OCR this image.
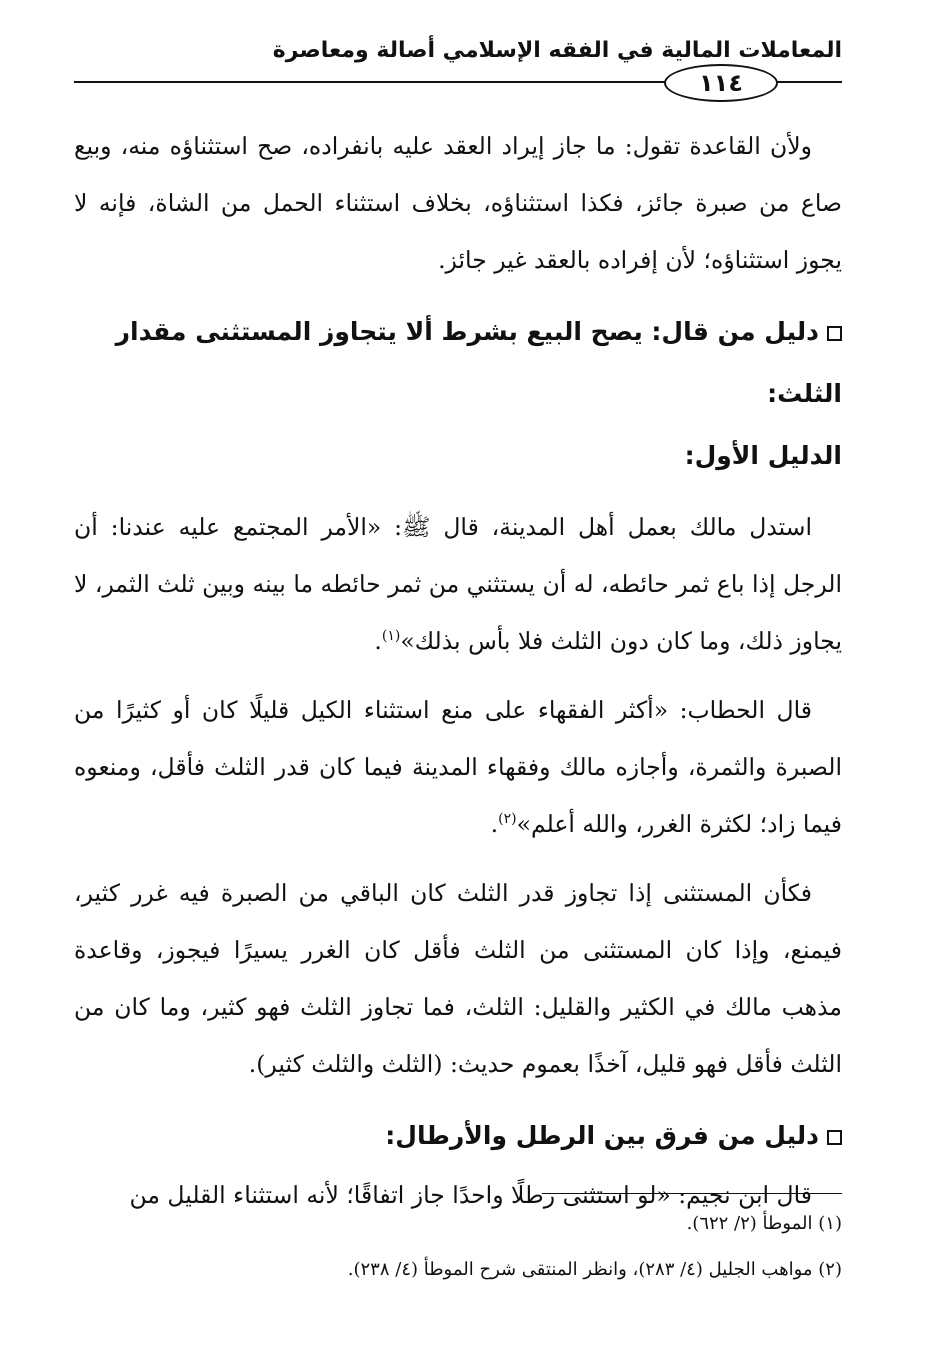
المعاملات المالية في الفقه الإسلامي أصالة ومعاصرة
١١٤

ولأن القاعدة تقول: ما جاز إيراد العقد عليه بانفراده، صح استثناؤه منه، وبيع صاع من صبرة جائز، فكذا استثناؤه، بخلاف استثناء الحمل من الشاة، فإنه لا يجوز استثناؤه؛ لأن إفراده بالعقد غير جائز.

دليل من قال: يصح البيع بشرط ألا يتجاوز المستثنى مقدار الثلث:
الدليل الأول:

استدل مالك بعمل أهل المدينة، قال ﷺ: «الأمر المجتمع عليه عندنا: أن الرجل إذا باع ثمر حائطه، له أن يستثني من ثمر حائطه ما بينه وبين ثلث الثمر، لا يجاوز ذلك، وما كان دون الثلث فلا بأس بذلك»$^{(١)}$.

قال الحطاب: «أكثر الفقهاء على منع استثناء الكيل قليلًا كان أو كثيرًا من الصبرة والثمرة، وأجازه مالك وفقهاء المدينة فيما كان قدر الثلث فأقل، ومنعوه فيما زاد؛ لكثرة الغرر، والله أعلم»$^{(٢)}$.

فكأن المستثنى إذا تجاوز قدر الثلث كان الباقي من الصبرة فيه غرر كثير، فيمنع، وإذا كان المستثنى من الثلث فأقل كان الغرر يسيرًا فيجوز، وقاعدة مذهب مالك في الكثير والقليل: الثلث، فما تجاوز الثلث فهو كثير، وما كان من الثلث فأقل فهو قليل، آخذًا بعموم حديث: (الثلث والثلث كثير).

دليل من فرق بين الرطل والأرطال:

قال ابن نجيم: «لو استثنى رطلًا واحدًا جاز اتفاقًا؛ لأنه استثناء القليل من

(١) الموطأ (٢/ ٦٢٢).
(٢) مواهب الجليل (٤/ ٢٨٣)، وانظر المنتقى شرح الموطأ (٤/ ٢٣٨).
